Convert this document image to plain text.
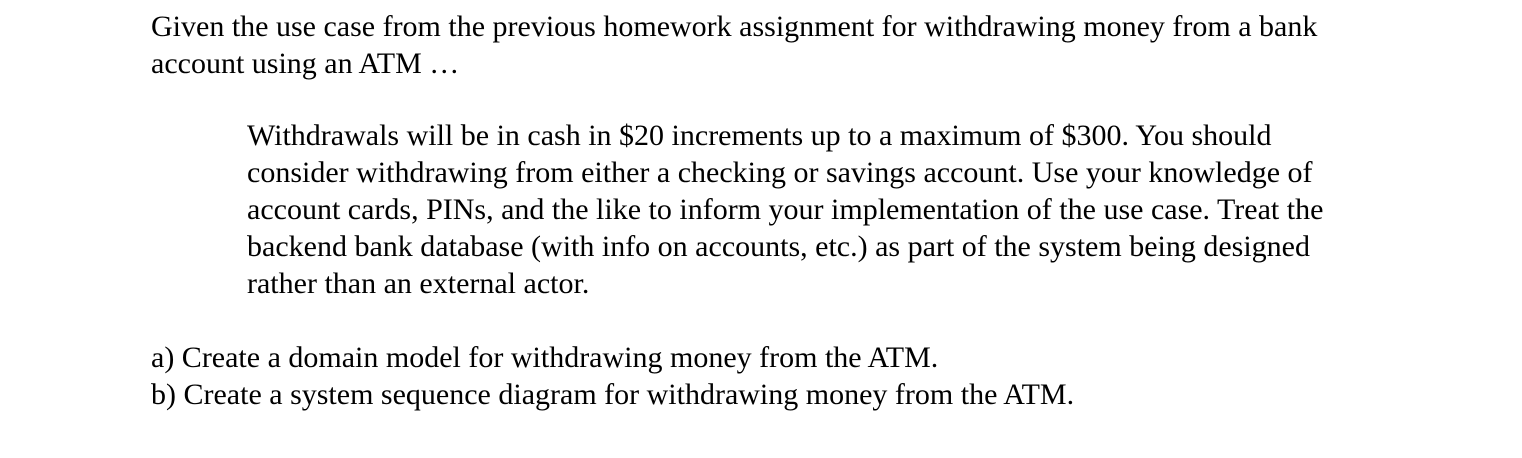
Given the use case from the previous homework assignment for withdrawing money from a bank
account using an ATM …

Withdrawals will be in cash in $20 increments up to a maximum of $300. You should
consider withdrawing from either a checking or savings account. Use your knowledge of
account cards, PINs, and the like to inform your implementation of the use case. Treat the
backend bank database (with info on accounts, etc.) as part of the system being designed
rather than an external actor.

a) Create a domain model for withdrawing money from the ATM.
b) Create a system sequence diagram for withdrawing money from the ATM.
